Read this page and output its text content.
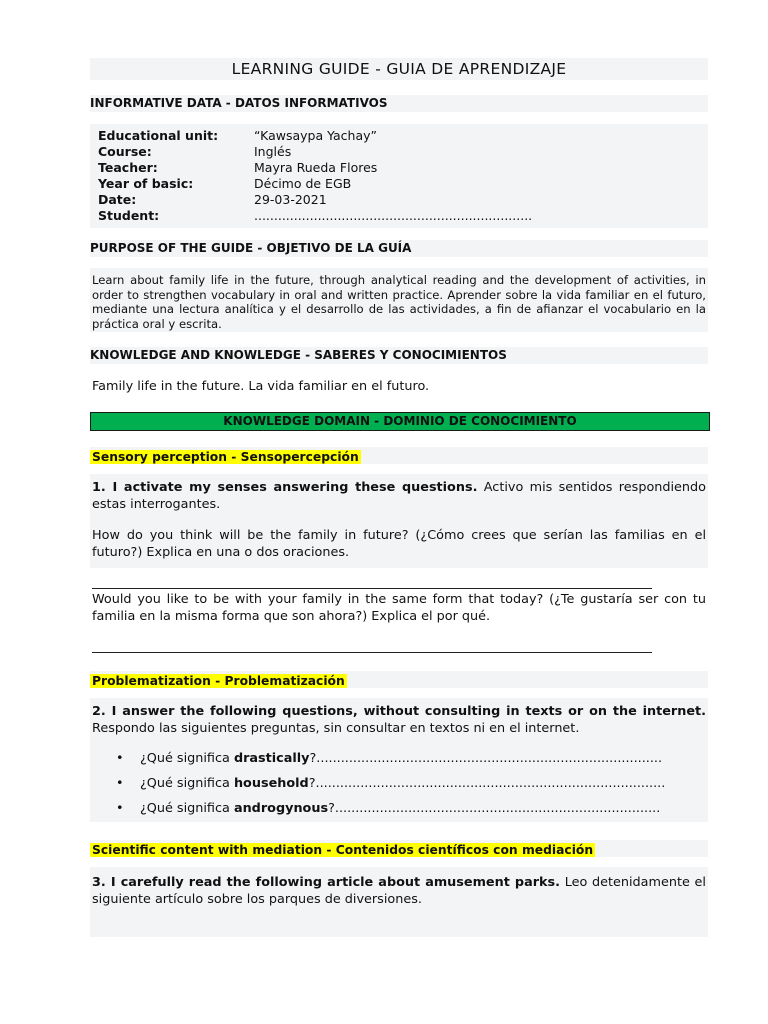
LEARNING GUIDE - GUIA DE APRENDIZAJE
INFORMATIVE DATA - DATOS INFORMATIVOS
Educational unit:	“Kawsaypa Yachay”
Course:	Inglés
Teacher:	Mayra Rueda Flores
Year of basic:	Décimo de EGB
Date:	29-03-2021
Student:	......................................................................
PURPOSE OF THE GUIDE - OBJETIVO DE LA GUÍA
Learn about family life in the future, through analytical reading and the development of activities, in order to strengthen vocabulary in oral and written practice. Aprender sobre la vida familiar en el futuro, mediante una lectura analítica y el desarrollo de las actividades, a fin de afianzar el vocabulario en la práctica oral y escrita.
KNOWLEDGE AND KNOWLEDGE - SABERES Y CONOCIMIENTOS
Family life in the future. La vida familiar en el futuro.
KNOWLEDGE DOMAIN - DOMINIO DE CONOCIMIENTO
Sensory perception - Sensopercepción
1. I activate my senses answering these questions. Activo mis sentidos respondiendo estas interrogantes.
How do you think will be the family in future? (¿Cómo crees que serían las familias en el futuro?) Explica en una o dos oraciones.
Would you like to be with your family in the same form that today? (¿Te gustaría ser con tu familia en la misma forma que son ahora?) Explica el por qué.
Problematization - Problematización
2. I answer the following questions, without consulting in texts or on the internet. Respondo las siguientes preguntas, sin consultar en textos ni en el internet.
• ¿Qué significa drastically?.....................................................................................
• ¿Qué significa household?......................................................................................
• ¿Qué significa androgynous?................................................................................
Scientific content with mediation - Contenidos científicos con mediación
3. I carefully read the following article about amusement parks. Leo detenidamente el siguiente artículo sobre los parques de diversiones.
